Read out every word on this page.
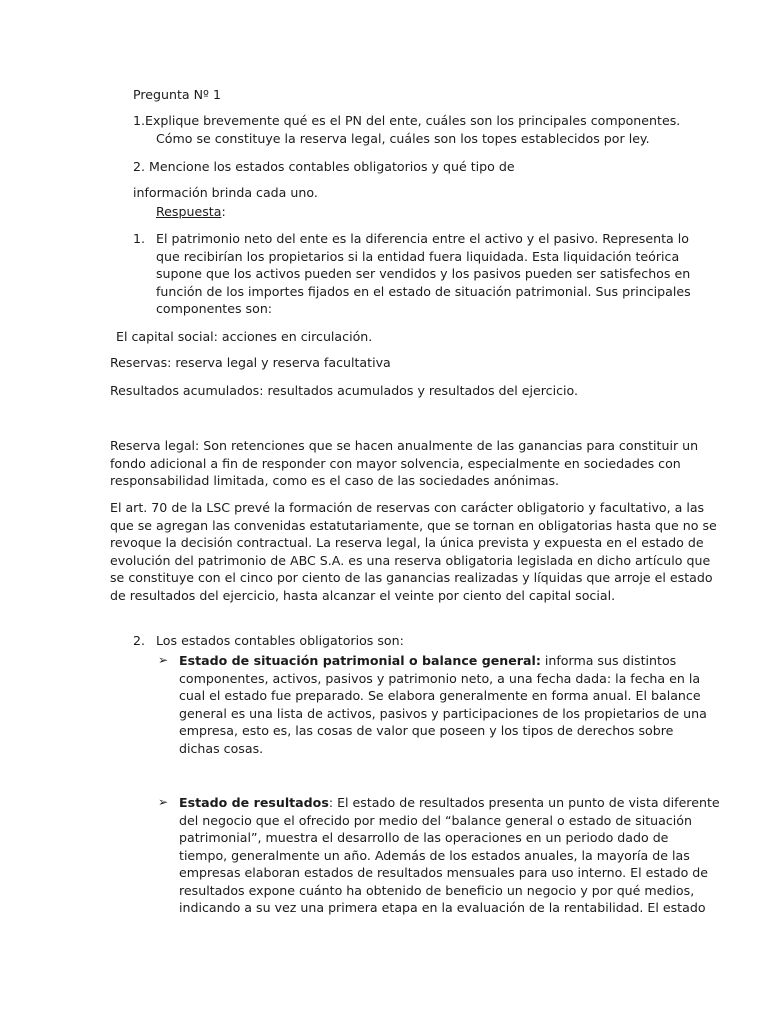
Pregunta Nº 1

1.Explique brevemente qué es el PN del ente, cuáles son los principales componentes.

Cómo se constituye la reserva legal, cuáles son los topes establecidos por ley.

2. Mencione los estados contables obligatorios y qué tipo de

información brinda cada uno.

Respuesta:

1. El patrimonio neto del ente es la diferencia entre el activo y el pasivo. Representa lo
que recibirían los propietarios si la entidad fuera liquidada. Esta liquidación teórica
supone que los activos pueden ser vendidos y los pasivos pueden ser satisfechos en
función de los importes fijados en el estado de situación patrimonial. Sus principales
componentes son:

El capital social: acciones en circulación.

Reservas: reserva legal y reserva facultativa

Resultados acumulados: resultados acumulados y resultados del ejercicio.

Reserva legal: Son retenciones que se hacen anualmente de las ganancias para constituir un
fondo adicional a fin de responder con mayor solvencia, especialmente en sociedades con
responsabilidad limitada, como es el caso de las sociedades anónimas.
El art. 70 de la LSC prevé la formación de reservas con carácter obligatorio y facultativo, a las
que se agregan las convenidas estatutariamente, que se tornan en obligatorias hasta que no se
revoque la decisión contractual. La reserva legal, la única prevista y expuesta en el estado de
evolución del patrimonio de ABC S.A. es una reserva obligatoria legislada en dicho artículo que
se constituye con el cinco por ciento de las ganancias realizadas y líquidas que arroje el estado
de resultados del ejercicio, hasta alcanzar el veinte por ciento del capital social.

2. Los estados contables obligatorios son:

➢ Estado de situación patrimonial o balance general: informa sus distintos
componentes, activos, pasivos y patrimonio neto, a una fecha dada: la fecha en la
cual el estado fue preparado. Se elabora generalmente en forma anual. El balance
general es una lista de activos, pasivos y participaciones de los propietarios de una
empresa, esto es, las cosas de valor que poseen y los tipos de derechos sobre
dichas cosas.
➢ Estado de resultados: El estado de resultados presenta un punto de vista diferente
del negocio que el ofrecido por medio del “balance general o estado de situación
patrimonial”, muestra el desarrollo de las operaciones en un periodo dado de
tiempo, generalmente un año. Además de los estados anuales, la mayoría de las
empresas elaboran estados de resultados mensuales para uso interno. El estado de
resultados expone cuánto ha obtenido de beneficio un negocio y por qué medios,
indicando a su vez una primera etapa en la evaluación de la rentabilidad. El estado
